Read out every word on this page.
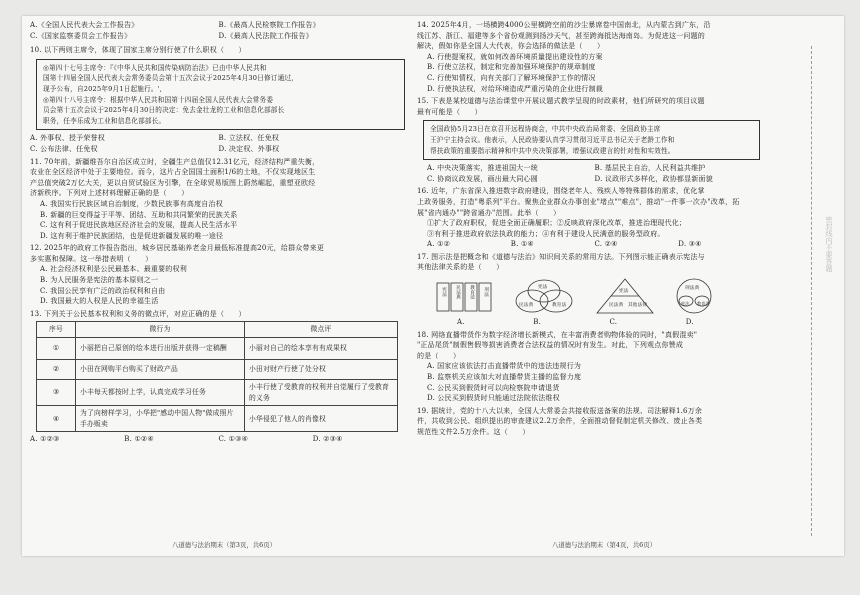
A.《全国人民代表大会工作报告》	B.《最高人民检察院工作报告》
C.《国家监察委员会工作报告》	D.《最高人民法院工作报告》
10. 以下两则主席令，体现了国家主席分别行使了什么职权（　　）
◎第四十七号主席令：『《中华人民共和国传染病防治法》已由中华人民共和
国第十四届全国人民代表大会常务委员会第十五次会议于2025年4月30日修订通过，
现予公布，自2025年9月1日起施行。',
◎第四十八号主席令：根据中华人民共和国第十四届全国人民代表大会常务委
员会第十五次会议于2025年4月30日的决定：免去金壮龙的工业和信息化部部长
职务，任李乐成为工业和信息化部部长。
A. 外事权、授予荣誉权	B. 立法权、任免权
C. 公布法律、任免权	D. 决定权、外事权
11. 70年前，新疆维吾尔自治区成立时，全疆生产总值仅12.31亿元，经济结构严重失衡，
农业在全区经济中处于主要地位。而今，这片占全国国土面积1/6的土地，不仅实现地区生
产总值突破2万亿大关，更以自贸试验区为引擎，在全球贸易版图上蔚然崛起，重塑亚欧经
济新秩序。下列对上述材料理解正确的是（　　）
A. 我国实行民族区域自治制度，少数民族事有高度自治权
B. 新疆的巨变得益于平等、团结、互助和共同繁荣的民族关系
C. 这有利于促进民族地区经济社会的发展，提高人民生活水平
D. 这有利于维护民族团结，也是促进新疆发展的唯一途径
12. 2025年的政府工作报告指出，城乡居民基础养老金月最低标准提高20元，给群众带来更
多实惠和保障。这一举措表明（　　）
A. 社会经济权利是公民最基本、最重要的权利
B. 为人民服务是宪法的基本原则之一
C. 我国公民享有广泛的政治权利和自由
D. 我国最大的人权是人民的幸福生活
13. 下列关于公民基本权利和义务的微点评，对应正确的是（　　）
序号	微行为	微点评
①	小丽把自己原创的绘本进行出版并获得一定稿酬	小丽对自己的绘本享有有成果权
②	小田在网购平台购买了财政产品	小田对财产行使了处分权
③	小丰每天都按时上学，认真完成学习任务	小丰行使了受教育的权利并自觉履行了受教育的义务
④	为了向榜样学习，小华把"感动中国人物"做成照片手办贩卖	小华侵犯了他人的肖像权
A. ①②③	B. ①②④	C. ①③④	D. ②③④
八道德与法治期末（第3页，共6页）
14. 2025年4月，一场横跨4000公里横跨空前的沙尘暴席卷中国南北，从内蒙古到广东，沿
线江苏、浙江、福建等多个省份观测到扬沙天气，甚至跨海抵达海南岛。为促进这一问题的
解决，假如你是全国人大代表，你会选择的做法是（　　）
A. 行使提案权，就如何改善环境质量提出建设性的方案
B. 行使立法权，制定和完善加强环境保护的规章制度
C. 行使知情权，向有关部门了解环境保护工作的情况
D. 行使执法权，对给环境造成严重污染的企业进行制裁
15. 下表是某校道德与法治课堂中开展议题式教学呈现的时政素材，他们所研究的项目议题
最有可能是（　　）
全国政协5月23日在京召开远程协商会，中共中央政治局常委、全国政协主席
王沪宁主持会议。他表示，人民政协要认真学习贯彻习近平总书记关于老龄工作和
帮扶政策的重要指示精神和中共中央决策部署，增强议政建言的针对性和实效性。
A. 中央决策落实，推进祖国大一统	B. 基层民主自治，人民利益共维护
C. 协商议政发展，画出最大同心圆	D. 议政形式多样化，政协都显新面貌
16. 近年，广东省深入推进数字政府建设，围绕老年人、残疾人等特殊群体的需求，优化掌
上政务服务，打造"粤系列"平台。聚焦企业群众办事创业"堵点""难点"，推动"一件事一次办"改革，拓
展"省内通办""跨省通办"范围。此举（　　）
①扩大了政府职权，促进全面正确履职；②反映政府深化改革，推进治理现代化；
③有利于推进政府依法执政的能力；④有利于建设人民满意的服务型政府。
A. ①②	B. ①④	C. ②④	D. ③④
17. 图示法是把概念和《道德与法治》知识间关系的常用方法。下列图示能正确表示宪法与
其他法律关系的是（　　）
宪法	民法典	教育法	刑法	宪法
民法典	教育法
宪法
民法典 其他法律
刑法典
宪法 教育法
A.	B.	C.	D.
18. 网络直播带货作为数字经济增长新模式，在丰富消费者购物体验的同时，"真假混卖"
"正品尾货"制假售假等损害消费者合法权益的情况时有发生。对此，下列观点你赞成
的是（　　）
A. 国家应该依法打击直播带货中的违法违规行为
B. 监察机关应该加大对直播带货主播的监督力度
C. 公民买到假货时可以向检察院申请退货
D. 公民买到假货时只能通过法院依法维权
19. 据统计，党的十八大以来，全国人大常委会共接收报送备案的法规、司法解释1.6万余
件，共收到公民、组织提出的审查建议2.2万余件，全面推动督促制定机关修改、废止各类
规范性文件2.5万余件。这（　　）
八道德与法治期末（第4页，共6页）
密封线内不要答题
